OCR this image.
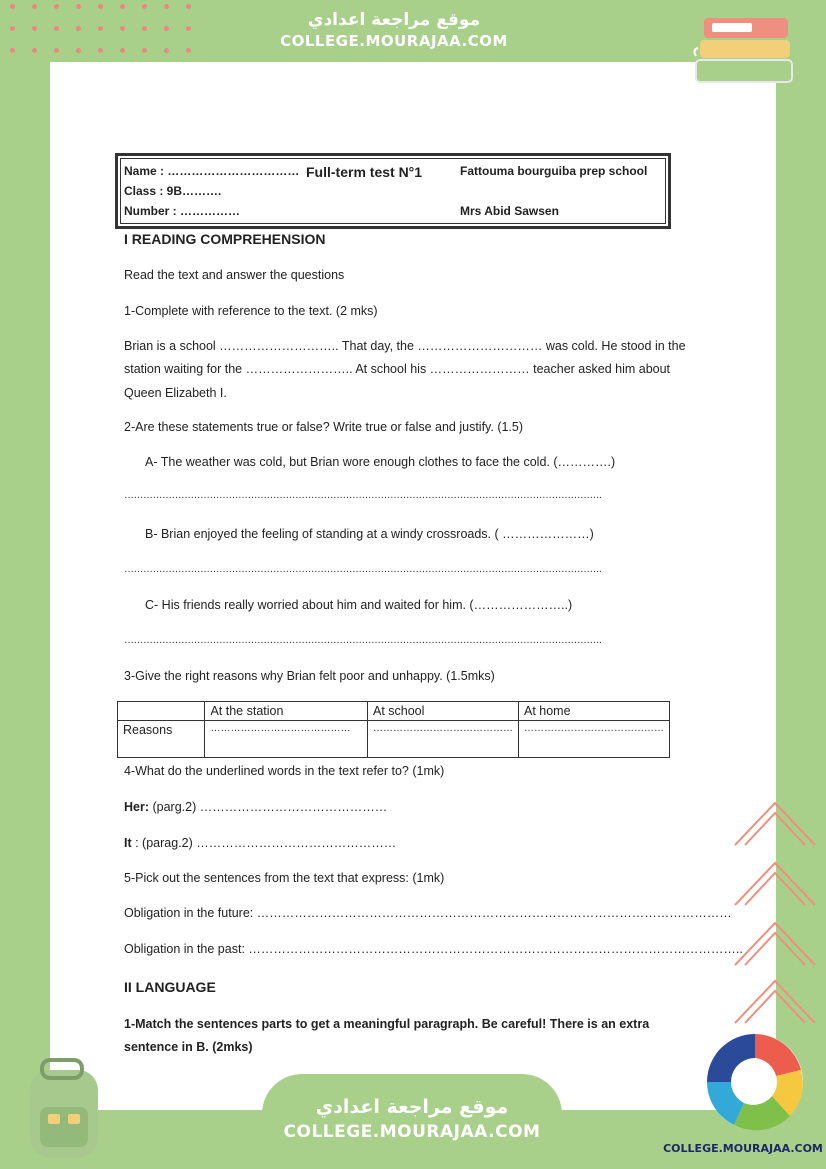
موقع مراجعة اعدادي
COLLEGE.MOURAJAA.COM
COLLEGE.MOURAJAA.COM
موقع مراجعة اعدادي
COLLEGE.MOURAJAA.COM
Name : ……………………………
Class : 9B……….
Number : ……………
Full-term test N°1	Fattouma bourguiba prep school
Mrs Abid Sawsen
I READING COMPREHENSION
Read the text and answer the questions
1-Complete with reference to the text. (2 mks)
Brian is a school ……………………….. That day, the ………………………… was cold. He stood in the
station waiting for the …………………….. At school his …………………… teacher asked him about
Queen Elizabeth I.
2-Are these statements true or false? Write true or false and justify. (1.5)
A- The weather was cold, but Brian wore enough clothes to face the cold. (………….)
…………………………………………………………………………………………………………………………………….
B- Brian enjoyed the feeling of standing at a windy crossroads. ( …………………)
…………………………………………………………………………………………………………………………………….
C- His friends really worried about him and waited for him. (…………………..)
…………………………………………………………………………………………………………………………………….
3-Give the right reasons why Brian felt poor and unhappy. (1.5mks)
	At the station	At school	At home
Reasons	……………………………………	……………………………………	……………………………………
4-What do the underlined words in the text refer to? (1mk)
Her: (parg.2) ………………………………………
It : (parag.2) …………………………………………
5-Pick out the sentences from the text that express: (1mk)
Obligation in the future: ……………………………………………………………………………………………………
Obligation in the past: ………………………………………………………………………………………………………..
II LANGUAGE
1-Match the sentences parts to get a meaningful paragraph. Be careful! There is an extra
sentence in B. (2mks)
